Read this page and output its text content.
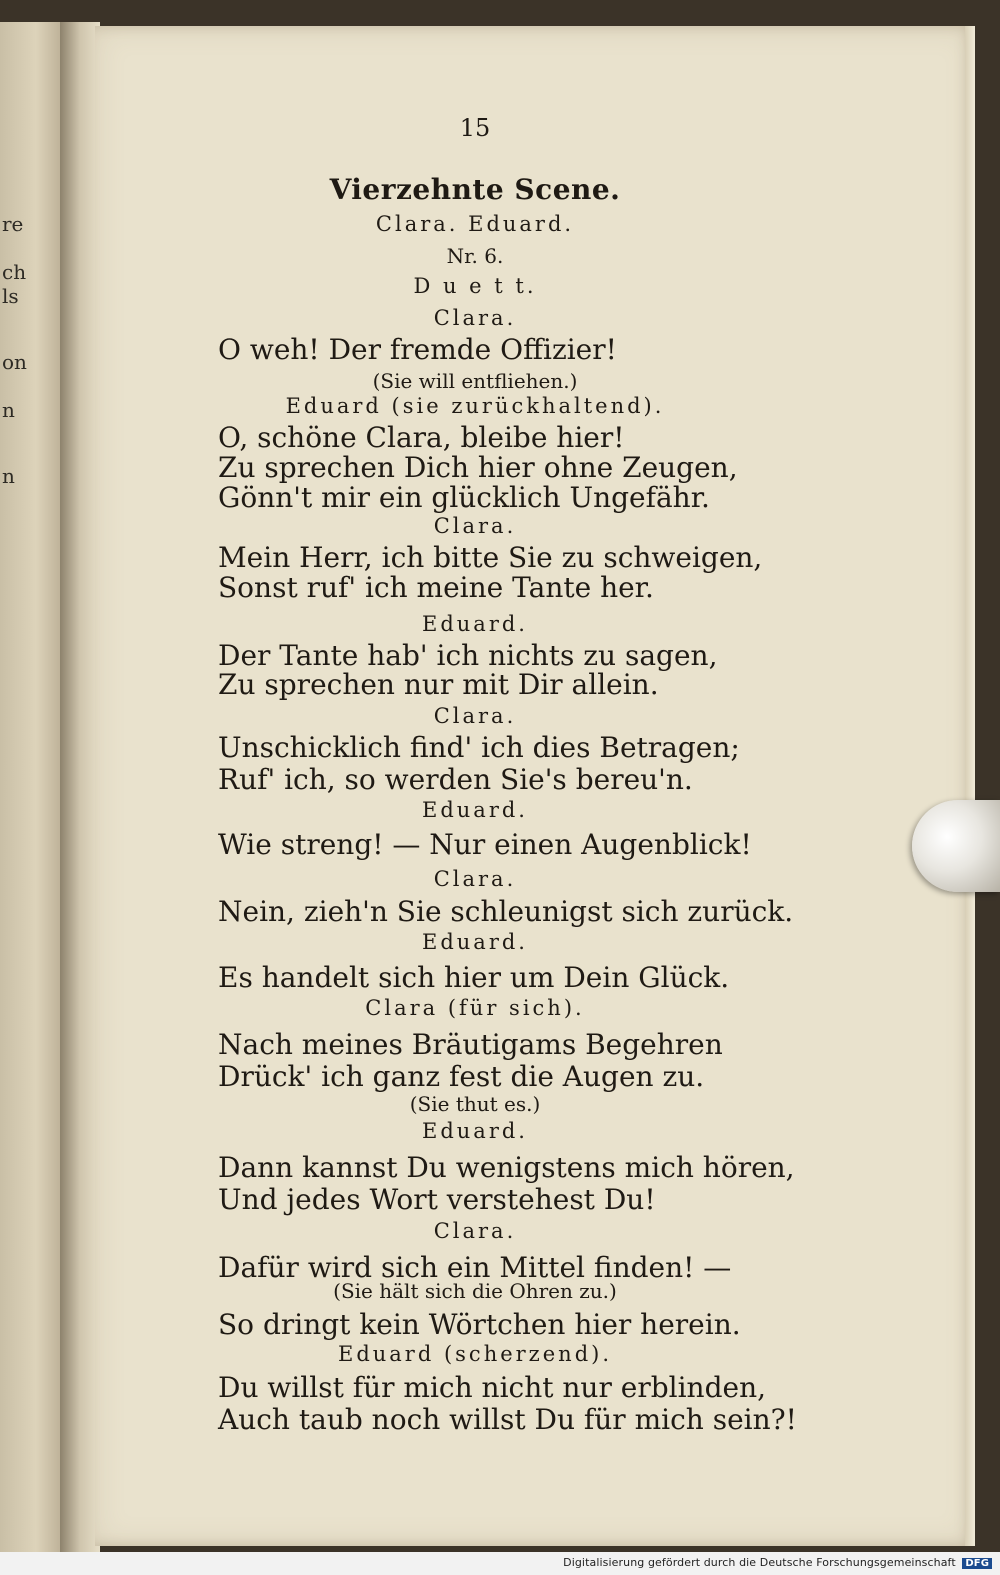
re
ch
ls
on
n
n
15
Vierzehnte Scene.
Clara. Eduard.
Nr. 6.
D u e t t.
Clara.
O weh! Der fremde Offizier!
(Sie will entfliehen.)
Eduard (sie zurückhaltend).
O, schöne Clara, bleibe hier!
Zu sprechen Dich hier ohne Zeugen,
Gönn't mir ein glücklich Ungefähr.
Clara.
Mein Herr, ich bitte Sie zu schweigen,
Sonst ruf' ich meine Tante her.
Eduard.
Der Tante hab' ich nichts zu sagen,
Zu sprechen nur mit Dir allein.
Clara.
Unschicklich find' ich dies Betragen;
Ruf' ich, so werden Sie's bereu'n.
Eduard.
Wie streng! — Nur einen Augenblick!
Clara.
Nein, zieh'n Sie schleunigst sich zurück.
Eduard.
Es handelt sich hier um Dein Glück.
Clara (für sich).
Nach meines Bräutigams Begehren
Drück' ich ganz fest die Augen zu.
(Sie thut es.)
Eduard.
Dann kannst Du wenigstens mich hören,
Und jedes Wort verstehest Du!
Clara.
Dafür wird sich ein Mittel finden! —
(Sie hält sich die Ohren zu.)
So dringt kein Wörtchen hier herein.
Eduard (scherzend).
Du willst für mich nicht nur erblinden,
Auch taub noch willst Du für mich sein?!
Digitalisierung gefördert durch die Deutsche Forschungsgemeinschaft DFG
